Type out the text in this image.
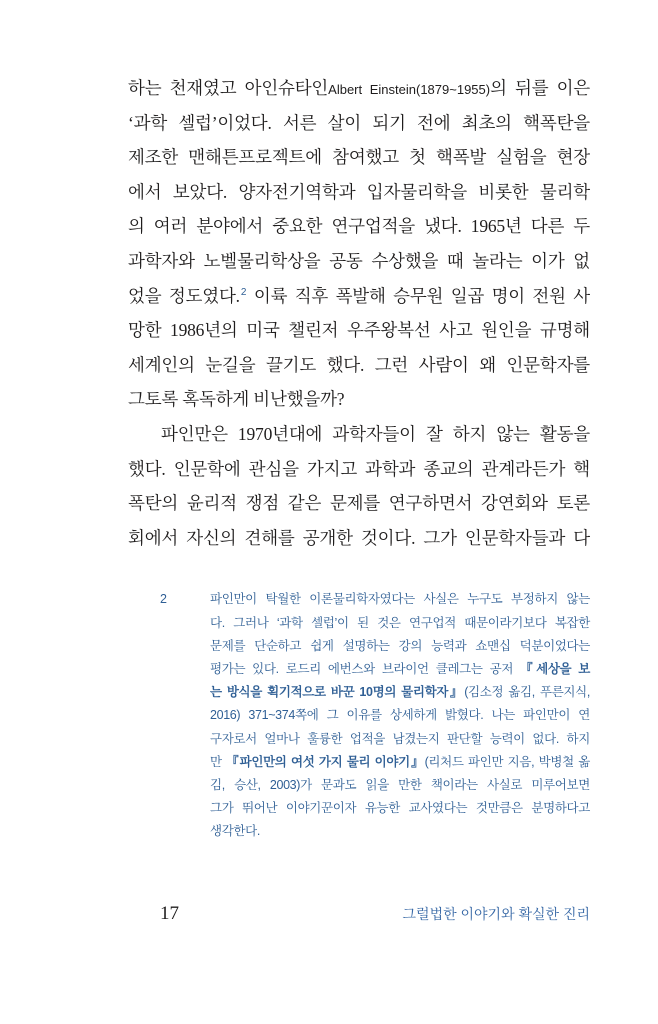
하는 천재였고 아인슈타인Albert Einstein(1879~1955)의 뒤를 이은

‘과학 셀럽’이었다. 서른 살이 되기 전에 최초의 핵폭탄을

제조한 맨해튼프로젝트에 참여했고 첫 핵폭발 실험을 현장

에서 보았다. 양자전기역학과 입자물리학을 비롯한 물리학

의 여러 분야에서 중요한 연구업적을 냈다. 1965년 다른 두

과학자와 노벨물리학상을 공동 수상했을 때 놀라는 이가 없

었을 정도였다.$^2$ 이륙 직후 폭발해 승무원 일곱 명이 전원 사

망한 1986년의 미국 챌린저 우주왕복선 사고 원인을 규명해

세계인의 눈길을 끌기도 했다. 그런 사람이 왜 인문학자를

그토록 혹독하게 비난했을까?

파인만은 1970년대에 과학자들이 잘 하지 않는 활동을

했다. 인문학에 관심을 가지고 과학과 종교의 관계라든가 핵

폭탄의 윤리적 쟁점 같은 문제를 연구하면서 강연회와 토론

회에서 자신의 견해를 공개한 것이다. 그가 인문학자들과 다

2	파인만이 탁월한 이론물리학자였다는 사실은 누구도 부정하지 않는

다. 그러나 ‘과학 셀럽’이 된 것은 연구업적 때문이라기보다 복잡한

문제를 단순하고 쉽게 설명하는 강의 능력과 쇼맨십 덕분이었다는

평가는 있다. 로드리 에번스와 브라이언 클레그는 공저 『세상을 보

는 방식을 획기적으로 바꾼 10명의 물리학자』(김소정 옮김, 푸른지식,

2016) 371~374쪽에 그 이유를 상세하게 밝혔다. 나는 파인만이 연

구자로서 얼마나 훌륭한 업적을 남겼는지 판단할 능력이 없다. 하지

만 『파인만의 여섯 가지 물리 이야기』(리처드 파인만 지음, 박병철 옮

김, 승산, 2003)가 문과도 읽을 만한 책이라는 사실로 미루어보면

그가 뛰어난 이야기꾼이자 유능한 교사였다는 것만큼은 분명하다고

생각한다.

17	그럴법한 이야기와 확실한 진리
